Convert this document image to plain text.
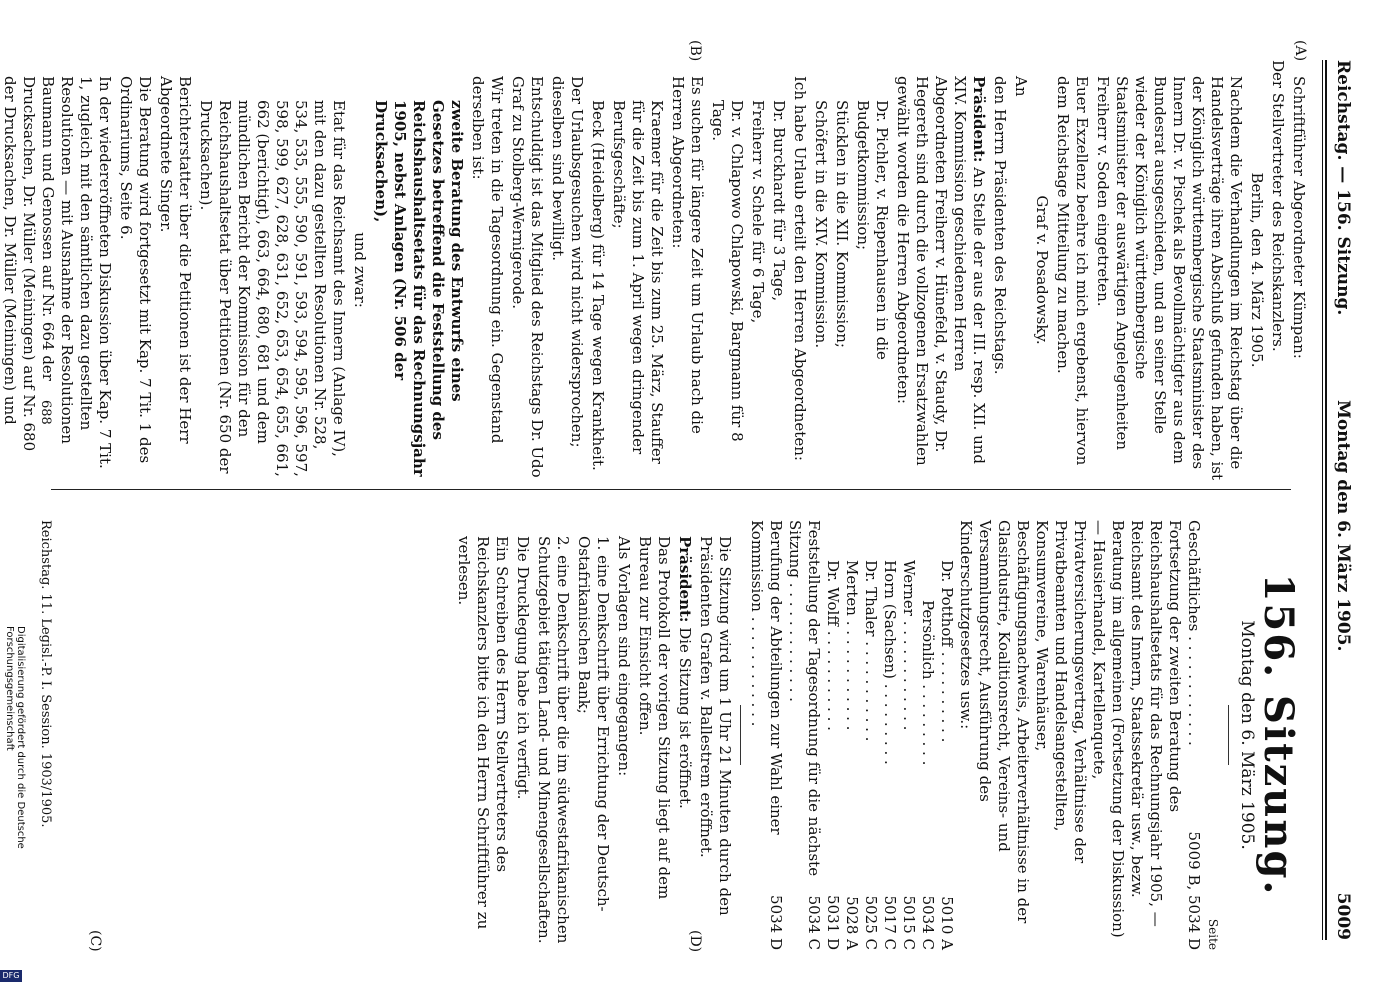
Reichstag. — 156. Sitzung.
Montag den 6. März 1905.
5009
(A)
(B)
(C)	(D)
156. Sitzung.
Montag den 6. März 1905.
Seite
Geschäftliches . . . . . . . . . . . .
5009 B, 5034 D
Fortsetzung der zweiten Beratung des Reichshaushaltsetats für das Rechnungsjahr 1905, — Reichsamt des Innern, Staatssekretär usw., bezw. Beratung im allgemeinen (Fortsetzung der Diskussion) — Hausierhandel, Kartellenquete, Privatversicherungsvertrag, Verhältnisse der Privatbeamten und Handelsangestellten, Konsumvereine, Warenhäuser, Beschäftigungsnachweis, Arbeiterverhältnisse in der Glasindustrie, Koalitionsrecht, Vereins- und Versammlungsrecht, Ausführung des Kinderschutzgesetzes usw.:
Dr. Potthoff . . . . . . . . . .
5010 A
Persönlich . . . . . . . . .
5034 C
Werner . . . . . . . . . . . .
5015 C
Horn (Sachsen) . . . . . . . . .
5017 C
Dr. Thaler . . . . . . . . . . .
5025 C
Merten . . . . . . . . . . . .
5028 A
Dr. Wolff . . . . . . . . . . .
5031 D
Feststellung der Tagesordnung für die nächste Sitzung . . . . . . . . . . . . .
5034 C
Berufung der Abteilungen zur Wahl einer Kommission . . . . . . . . . . . .
5034 D

Die Sitzung wird um 1 Uhr 21 Minuten durch den Präsidenten Grafen v. Ballestrem eröffnet.

Präsident: Die Sitzung ist eröffnet.

Das Protokoll der vorigen Sitzung liegt auf dem Bureau zur Einsicht offen.

Als Vorlagen sind eingegangen:

1. eine Denkschrift über Errichtung der Deutsch-Ostafrikanischen Bank;

2. eine Denkschrift über die im südwestafrikanischen Schutzgebiet tätigen Land- und Minengesellschaften.

Die Drucklegung habe ich verfügt.

Ein Schreiben des Herrn Stellvertreters des Reichskanzlers bitte ich den Herrn Schriftführer zu verlesen.

Reichstag. 11. Legisl.-P. I. Session. 1903/1905.

Schriftführer Abgeordneter Kümpan:

Der Stellvertreter des Reichskanzlers.

Berlin, den 4. März 1905.

Nachdem die Verhandlungen im Reichstag über die Handelsverträge ihren Abschluß gefunden haben, ist der Königlich württembergische Staatsminister des Innern Dr. v. Pischek als Bevollmächtigter aus dem Bundesrat ausgeschieden, und an seiner Stelle wieder der Königlich württembergische Staatsminister der auswärtigen Angelegenheiten Freiherr v. Soden eingetreten.

Euer Exzellenz beehre ich mich ergebenst, hiervon dem Reichstage Mitteilung zu machen.

Graf v. Posadowsky.

An

den Herrn Präsidenten des Reichstags.

Präsident: An Stelle der aus der III. resp. XII. und XIV. Kommission geschiedenen Herren Abgeordneten Freiherr v. Hünefeld, v. Staudy, Dr. Hegereth sind durch die vollzogenen Ersatzwahlen gewählt worden die Herren Abgeordneten:

Dr. Pichler, v. Riepenhausen in die Budgetkommission;

Stücklen in die XII. Kommission;

Schöfert in die XIV. Kommission.

Ich habe Urlaub erteilt den Herren Abgeordneten:

Dr. Burckhardt für 3 Tage,

Freiherr v. Schele für 6 Tage,

Dr. v. Chlapowo Chlapowski, Bargmann für 8 Tage.

Es suchen für längere Zeit um Urlaub nach die Herren Abgeordneten:

Kraemer für die Zeit bis zum 25. März, Stauffer für die Zeit bis zum 1. April wegen dringender Berufsgeschäfte;

Beck (Heidelberg) für 14 Tage wegen Krankheit.

Der Urlaubsgesuchen wird nicht widersprochen; dieselben sind bewilligt.

Entschuldigt ist das Mitglied des Reichstags Dr. Udo Graf zu Stolberg-Wernigerode.

Wir treten in die Tagesordnung ein. Gegenstand derselben ist:

zweite Beratung des Entwurfs eines Gesetzes betreffend die Feststellung des Reichshaushaltsetats für das Rechnungsjahr 1905, nebst Anlagen (Nr. 506 der Drucksachen),

und zwar:

Etat für das Reichsamt des Innern (Anlage IV), mit den dazu gestellten Resolutionen Nr. 528, 534, 535, 555, 590, 591, 593, 594, 595, 596, 597, 598, 599, 627, 628, 631, 652, 653, 654, 655, 661, 662 (berichtigt), 663, 664, 680, 681 und dem mündlichen Bericht der Kommission für den Reichshaushaltsetat über Petitionen (Nr. 650 der Drucksachen).

Berichterstatter über die Petitionen ist der Herr Abgeordnete Singer.

Die Beratung wird fortgesetzt mit Kap. 7 Tit. 1 des Ordinariums, Seite 6.

In der wiedereröffneten Diskussion über Kap. 7 Tit. 1, zugleich mit den sämtlichen dazu gestellten Resolutionen — mit Ausnahme der Resolutionen Baumann und Genossen auf Nr. 664 der Drucksachen, Dr. Müller (Meiningen) auf Nr. 680 der Drucksachen, Dr. Müller (Meiningen) und	688
Digitalisierung gefördert durch die Deutsche Forschungsgemeinschaft
DFG
